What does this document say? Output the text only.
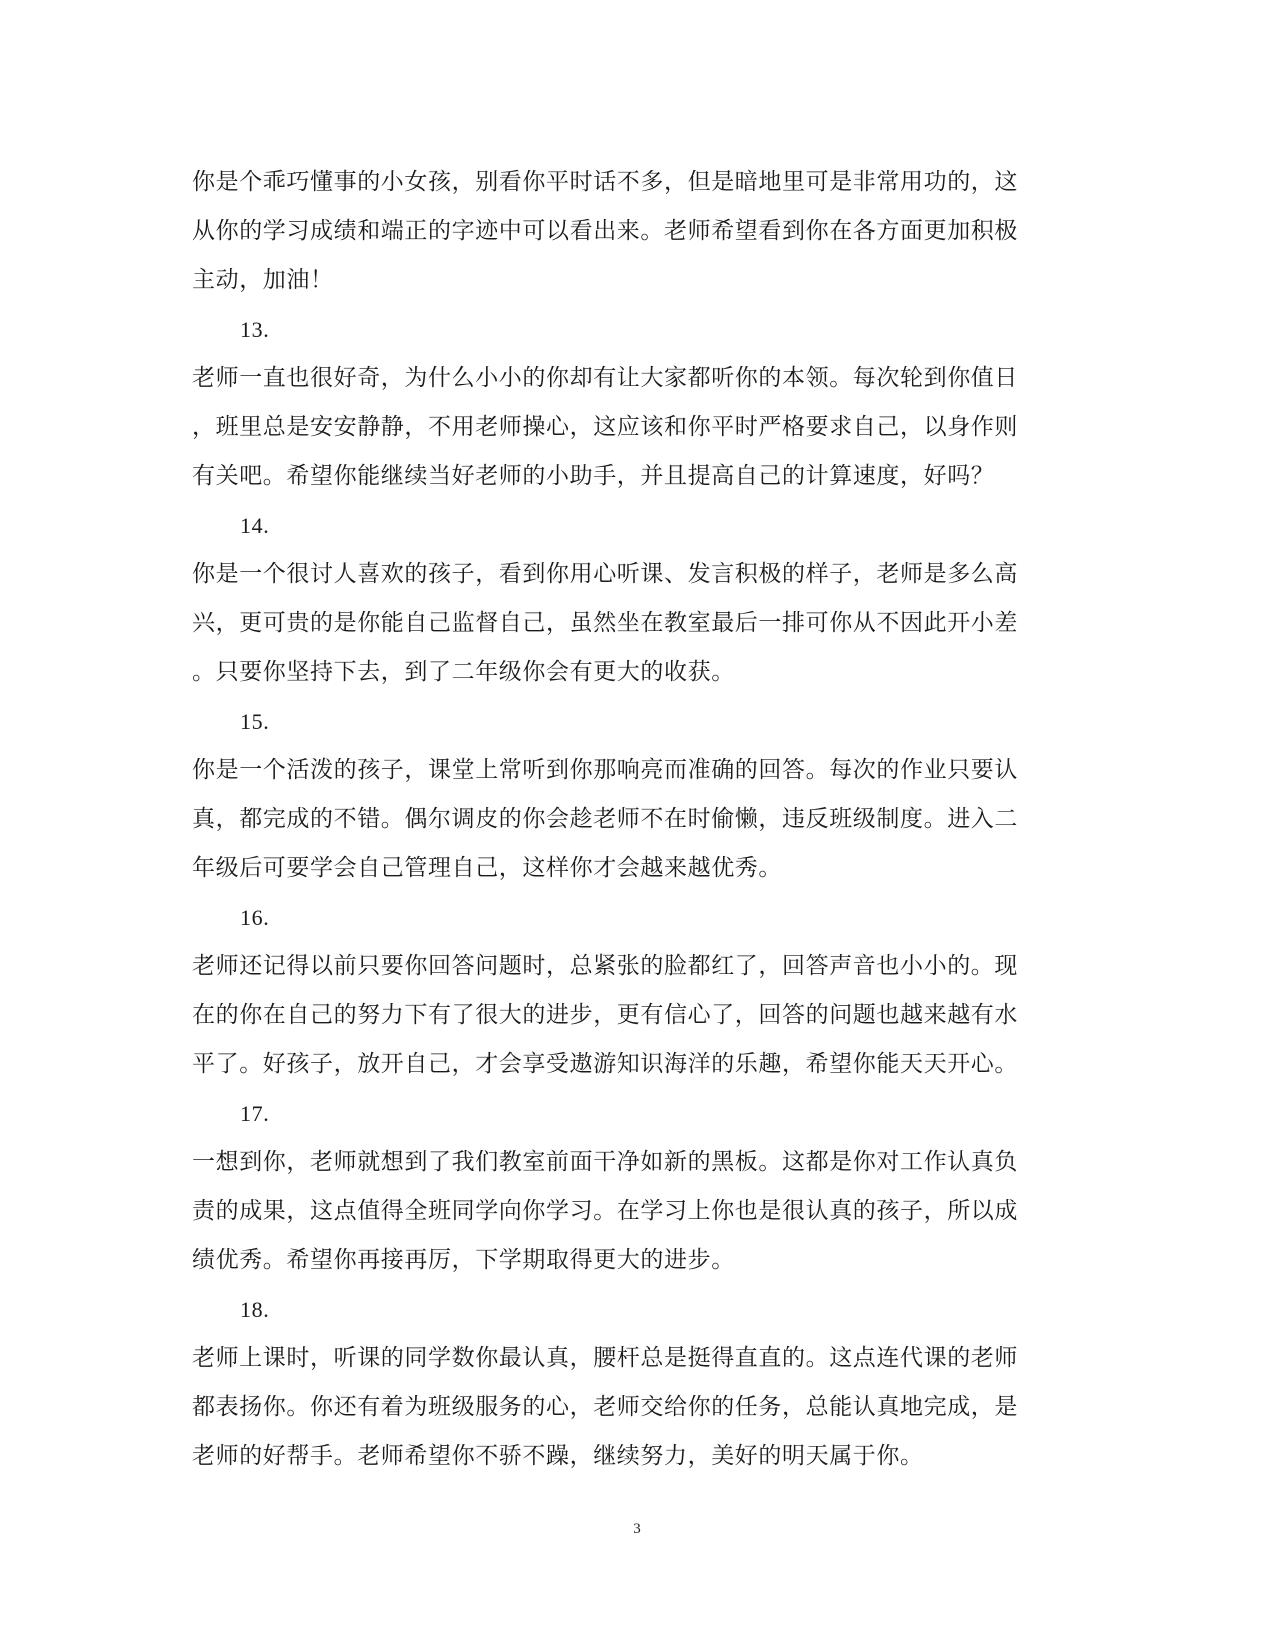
你是个乖巧懂事的小女孩，别看你平时话不多，但是暗地里可是非常用功的，这
从你的学习成绩和端正的字迹中可以看出来。老师希望看到你在各方面更加积极
主动，加油！

13.

老师一直也很好奇，为什么小小的你却有让大家都听你的本领。每次轮到你值日
，班里总是安安静静，不用老师操心，这应该和你平时严格要求自己，以身作则
有关吧。希望你能继续当好老师的小助手，并且提高自己的计算速度，好吗？

14.

你是一个很讨人喜欢的孩子，看到你用心听课、发言积极的样子，老师是多么高
兴，更可贵的是你能自己监督自己，虽然坐在教室最后一排可你从不因此开小差
。只要你坚持下去，到了二年级你会有更大的收获。

15.

你是一个活泼的孩子，课堂上常听到你那响亮而准确的回答。每次的作业只要认
真，都完成的不错。偶尔调皮的你会趁老师不在时偷懒，违反班级制度。进入二
年级后可要学会自己管理自己，这样你才会越来越优秀。

16.

老师还记得以前只要你回答问题时，总紧张的脸都红了，回答声音也小小的。现
在的你在自己的努力下有了很大的进步，更有信心了，回答的问题也越来越有水
平了。好孩子，放开自己，才会享受遨游知识海洋的乐趣，希望你能天天开心。

17.

一想到你，老师就想到了我们教室前面干净如新的黑板。这都是你对工作认真负
责的成果，这点值得全班同学向你学习。在学习上你也是很认真的孩子，所以成
绩优秀。希望你再接再厉，下学期取得更大的进步。

18.

老师上课时，听课的同学数你最认真，腰杆总是挺得直直的。这点连代课的老师
都表扬你。你还有着为班级服务的心，老师交给你的任务，总能认真地完成，是
老师的好帮手。老师希望你不骄不躁，继续努力，美好的明天属于你。

3
